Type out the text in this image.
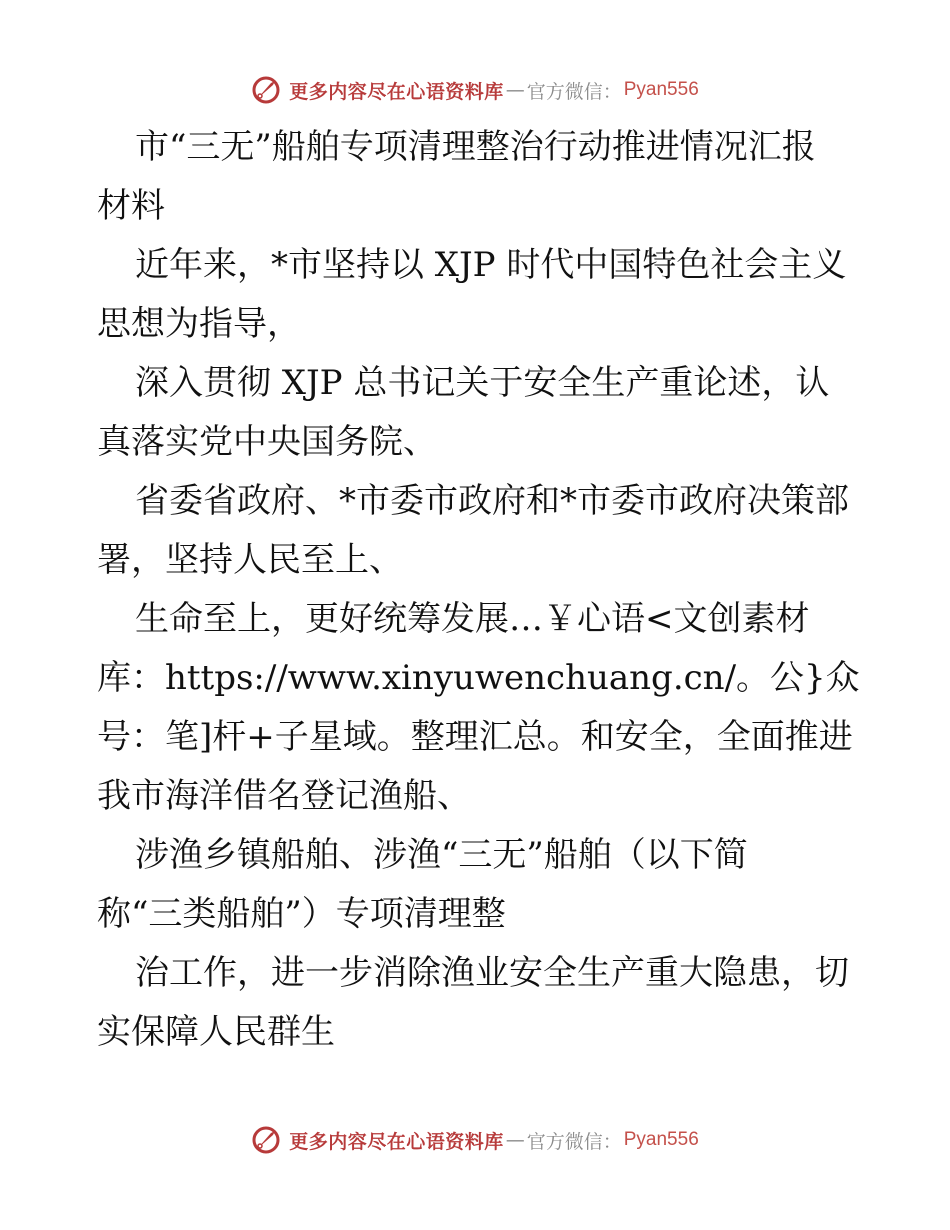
更多内容尽在心语资料库 — 官方微信： Pyan556
市“三无”船舶专项清理整治行动推进情况汇报
材料
近年来，*市坚持以 XJP 时代中国特色社会主义
思想为指导，
深入贯彻 XJP 总书记关于安全生产重论述，认
真落实党中央国务院、
省委省政府、*市委市政府和*市委市政府决策部
署，坚持人民至上、
生命至上，更好统筹发展…￥心语<文创素材
库：https://www.xinyuwenchuang.cn/。公}众
号：笔]杆+子星域。整理汇总。和安全，全面推进
我市海洋借名登记渔船、
涉渔乡镇船舶、涉渔“三无”船舶（以下简
称“三类船舶”）专项清理整
治工作，进一步消除渔业安全生产重大隐患，切
实保障人民群生
更多内容尽在心语资料库 — 官方微信： Pyan556
